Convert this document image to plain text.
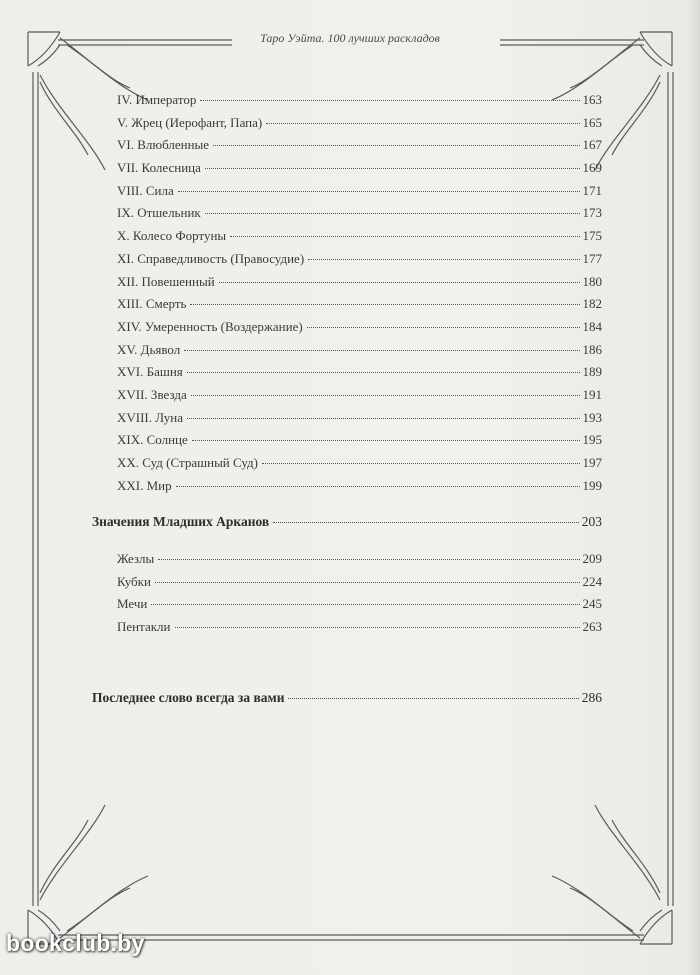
Таро Уэйта. 100 лучших раскладов
IV. Император	163
V. Жрец (Иерофант, Папа)	165
VI. Влюбленные	167
VII. Колесница	169
VIII. Сила	171
IX. Отшельник	173
X. Колесо Фортуны	175
XI. Справедливость (Правосудие)	177
XII. Повешенный	180
XIII. Смерть	182
XIV. Умеренность (Воздержание)	184
XV. Дьявол	186
XVI. Башня	189
XVII. Звезда	191
XVIII. Луна	193
XIX. Солнце	195
XX. Суд (Страшный Суд)	197
XXI. Мир	199
Значения Младших Арканов	203
Жезлы	209
Кубки	224
Мечи	245
Пентакли	263
Последнее слово всегда за вами	286
bookclub.by
